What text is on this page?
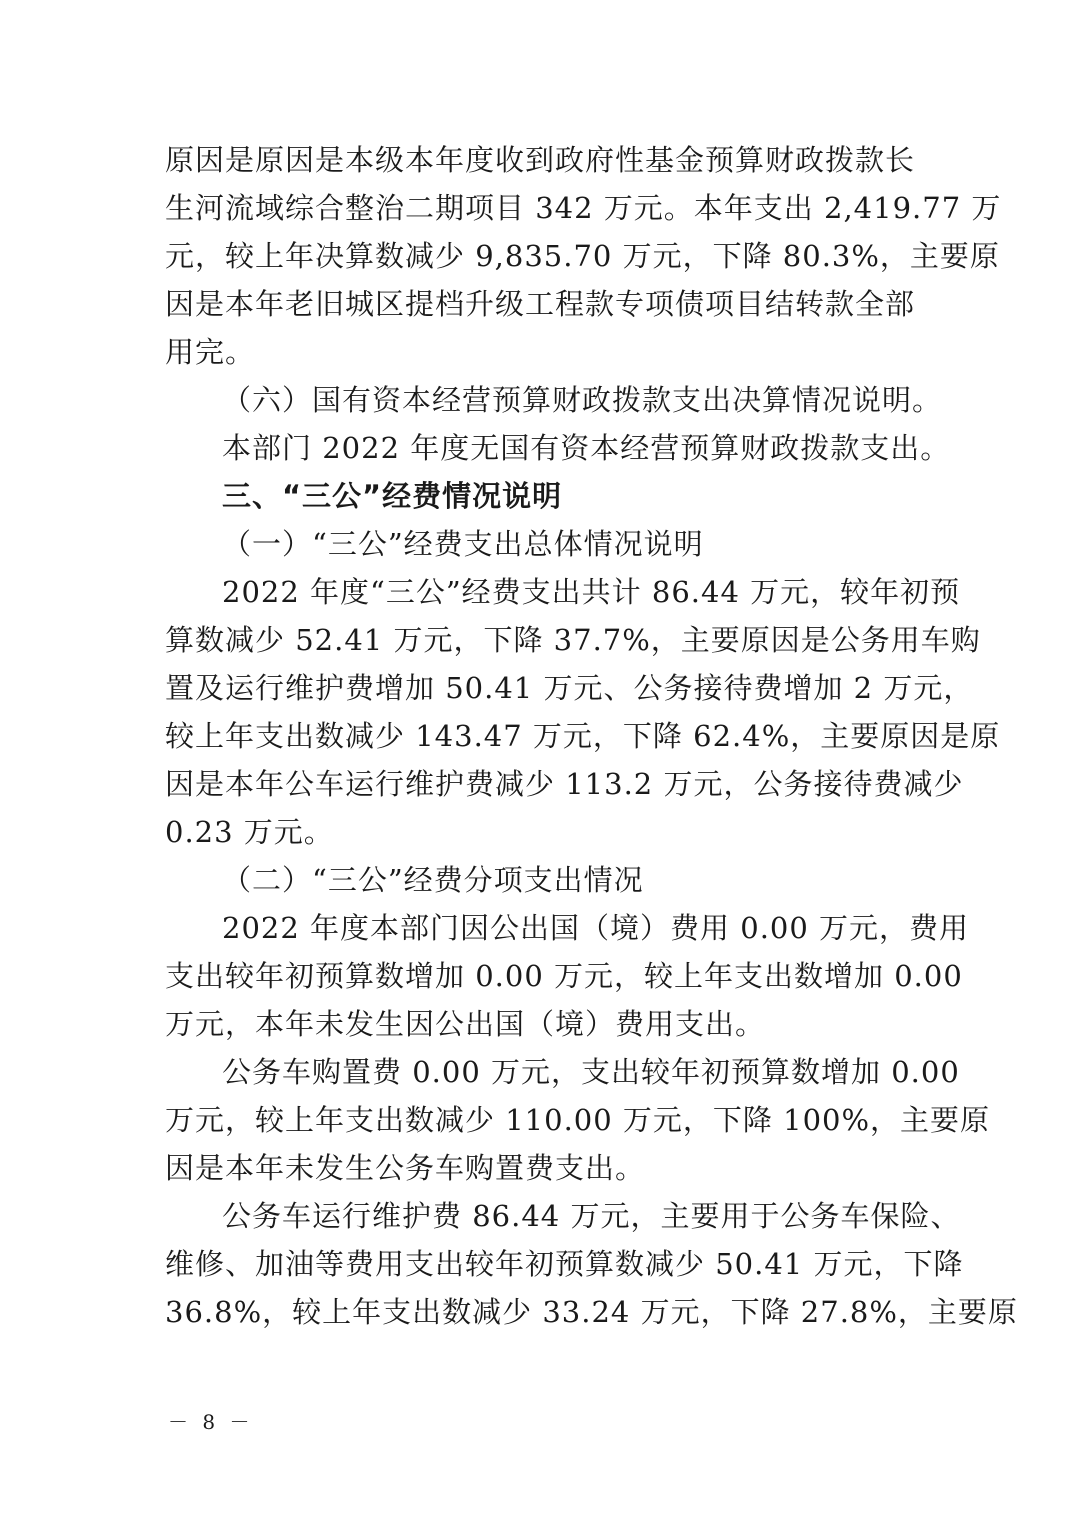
原因是原因是本级本年度收到政府性基金预算财政拨款长
生河流域综合整治二期项目 342 万元。本年支出 2,419.77 万
元，较上年决算数减少 9,835.70 万元，下降 80.3%，主要原
因是本年老旧城区提档升级工程款专项债项目结转款全部
用完。
（六）国有资本经营预算财政拨款支出决算情况说明。
本部门 2022 年度无国有资本经营预算财政拨款支出。
三、“三公”经费情况说明
（一）“三公”经费支出总体情况说明
2022 年度“三公”经费支出共计 86.44 万元，较年初预
算数减少 52.41 万元，下降 37.7%，主要原因是公务用车购
置及运行维护费增加 50.41 万元、公务接待费增加 2 万元，
较上年支出数减少 143.47 万元，下降 62.4%，主要原因是原
因是本年公车运行维护费减少 113.2 万元，公务接待费减少
0.23 万元。
（二）“三公”经费分项支出情况
2022 年度本部门因公出国（境）费用 0.00 万元，费用
支出较年初预算数增加 0.00 万元，较上年支出数增加 0.00
万元，本年未发生因公出国（境）费用支出。
公务车购置费 0.00 万元，支出较年初预算数增加 0.00
万元，较上年支出数减少 110.00 万元，下降 100%，主要原
因是本年未发生公务车购置费支出。
公务车运行维护费 86.44 万元，主要用于公务车保险、
维修、加油等费用支出较年初预算数减少 50.41 万元，下降
36.8%，较上年支出数减少 33.24 万元，下降 27.8%，主要原
－ 8 －
